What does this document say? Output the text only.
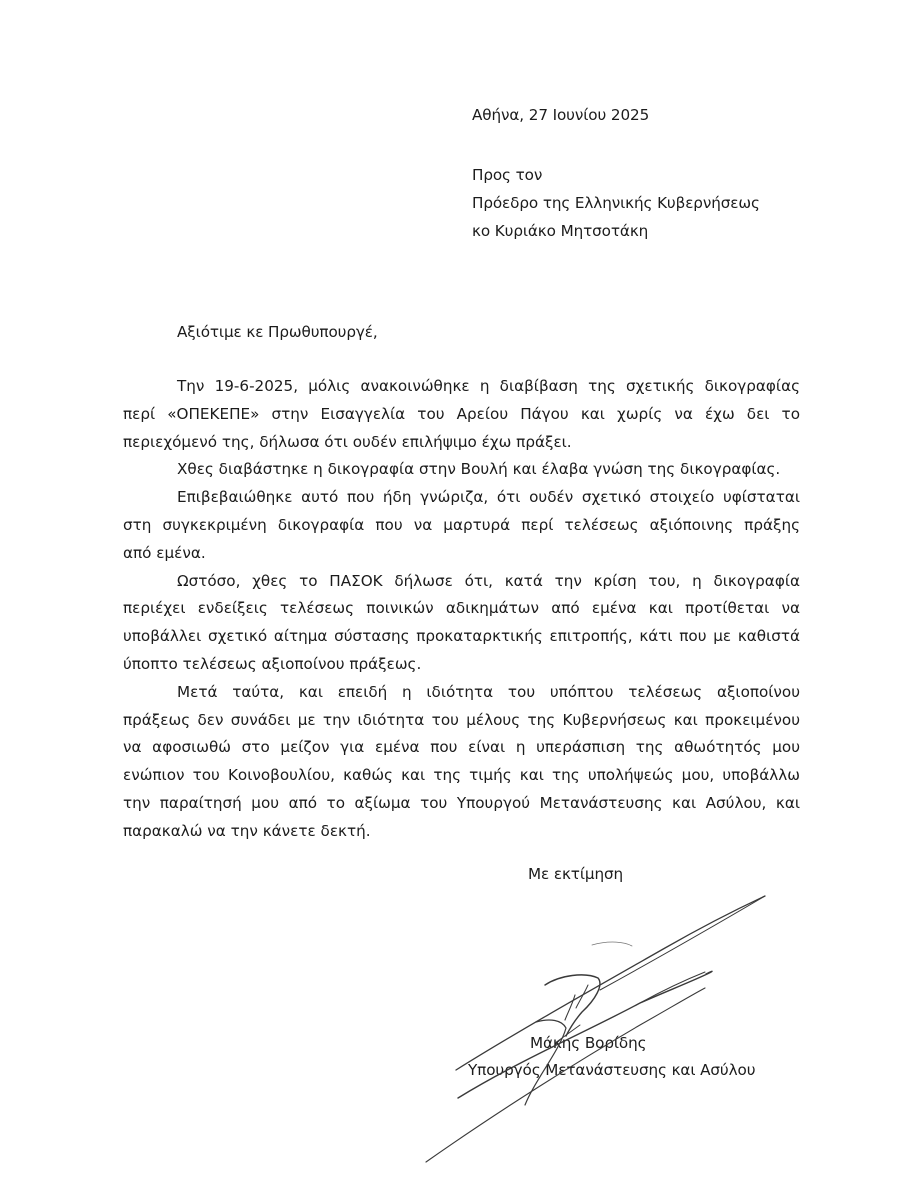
Αθήνα, 27 Ιουνίου 2025
Προς τον
Πρόεδρο της Ελληνικής Κυβερνήσεως
κο Κυριάκο Μητσοτάκη
Αξιότιμε κε Πρωθυπουργέ,
Την 19-6-2025, μόλις ανακοινώθηκε η διαβίβαση της σχετικής δικογραφίας
περί «ΟΠΕΚΕΠΕ» στην Εισαγγελία του Αρείου Πάγου και χωρίς να έχω δει το
περιεχόμενό της, δήλωσα ότι ουδέν επιλήψιμο έχω πράξει.
Χθες διαβάστηκε η δικογραφία στην Βουλή και έλαβα γνώση της δικογραφίας.
Επιβεβαιώθηκε αυτό που ήδη γνώριζα, ότι ουδέν σχετικό στοιχείο υφίσταται
στη συγκεκριμένη δικογραφία που να μαρτυρά περί τελέσεως αξιόποινης πράξης
από εμένα.
Ωστόσο, χθες το ΠΑΣΟΚ δήλωσε ότι, κατά την κρίση του, η δικογραφία
περιέχει ενδείξεις τελέσεως ποινικών αδικημάτων από εμένα και προτίθεται να
υποβάλλει σχετικό αίτημα σύστασης προκαταρκτικής επιτροπής, κάτι που με καθιστά
ύποπτο τελέσεως αξιοποίνου πράξεως.
Μετά ταύτα, και επειδή η ιδιότητα του υπόπτου τελέσεως αξιοποίνου
πράξεως δεν συνάδει με την ιδιότητα του μέλους της Κυβερνήσεως και προκειμένου
να αφοσιωθώ στο μείζον για εμένα που είναι η υπεράσπιση της αθωότητός μου
ενώπιον του Κοινοβουλίου, καθώς και της τιμής και της υπολήψεώς μου, υποβάλλω
την παραίτησή μου από το αξίωμα του Υπουργού Μετανάστευσης και Ασύλου, και
παρακαλώ να την κάνετε δεκτή.
Με εκτίμηση
Μάκης Βορίδης
Υπουργός Μετανάστευσης και Ασύλου
